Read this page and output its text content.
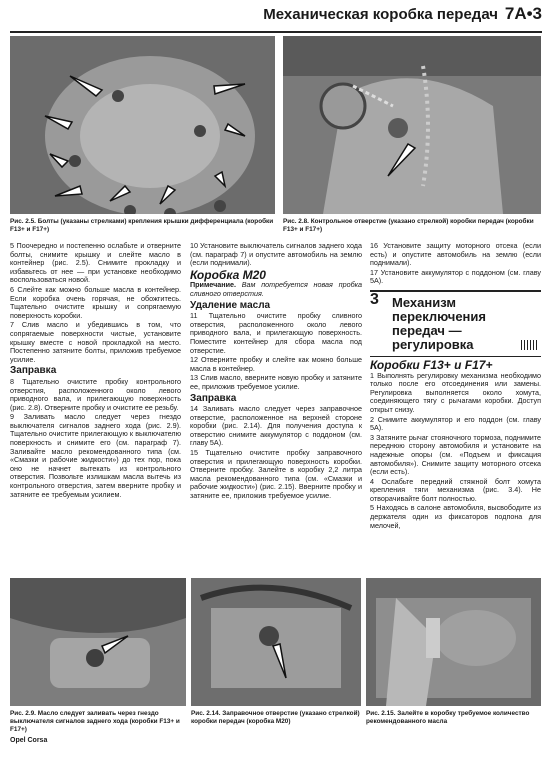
Механическая коробка передач 7A•3
Рис. 2.5. Болты (указаны стрелками) крепления крышки дифференциала (коробки F13+ и F17+)
Рис. 2.8. Контрольное отверстие (указано стрелкой) коробки передач (коробки F13+ и F17+)

5 Поочередно и постепенно ослабьте и отверните болты, снимите крышку и слейте масло в контейнер (рис. 2.5). Снимите прокладку и избавьтесь от нее — при установке необходимо воспользоваться новой.

6 Слейте как можно больше масла в контейнер. Если коробка очень горячая, не обожгитесь. Тщательно очистите крышку и сопрягаемую поверхность коробки.

7 Слив масло и убедившись в том, что сопрягаемые поверхности чистые, установите крышку вместе с новой прокладкой на место. Постепенно затяните болты, приложив требуемое усилие.

Заправка

8 Тщательно очистите пробку контрольного отверстия, расположенного около левого приводного вала, и прилегающую поверхность (рис. 2.8). Отверните пробку и очистите ее резьбу.

9 Заливать масло следует через гнездо выключателя сигналов заднего хода (рис. 2.9). Тщательно очистите прилегающую к выключателю поверхность и снимите его (см. параграф 7). Заливайте масло рекомендованного типа (см. «Смазки и рабочие жидкости») до тех пор, пока оно не начнет вытекать из контрольного отверстия. Позвольте излишкам масла вытечь из контрольного отверстия, затем вверните пробку и затяните ее требуемым усилием.

10 Установите выключатель сигналов заднего хода (см. параграф 7) и опустите автомобиль на землю (если поднимали).

Коробка M20

Примечание. Вам потребуется новая пробка сливного отверстия.

Удаление масла

11 Тщательно очистите пробку сливного отверстия, расположенного около левого приводного вала, и прилегающую поверхность. Поместите контейнер для сбора масла под отверстие.

12 Отверните пробку и слейте как можно больше масла в контейнер.

13 Слив масло, вверните новую пробку и затяните ее, приложив требуемое усилие.

Заправка

14 Заливать масло следует через заправочное отверстие, расположенное на верхней стороне коробки (рис. 2.14). Для получения доступа к отверстию снимите аккумулятор с поддоном (см. главу 5А).

15 Тщательно очистите пробку заправочного отверстия и прилегающую поверхность коробки. Отверните пробку. Залейте в коробку 2,2 литра масла рекомендованного типа (см. «Смазки и рабочие жидкости») (рис. 2.15). Вверните пробку и затяните ее, приложив требуемое усилие.

16 Установите защиту моторного отсека (если есть) и опустите автомобиль на землю (если поднимали).

17 Установите аккумулятор с поддоном (см. главу 5А).

3 Механизм переключения передач — регулировка
Коробки F13+ и F17+

1 Выполнять регулировку механизма необходимо только после его отсоединения или замены. Регулировка выполняется около хомута, соединяющего тягу с рычагами коробки. Доступ открыт снизу.

2 Снимите аккумулятор и его поддон (см. главу 5А).

3 Затяните рычаг стояночного тормоза, поднимите переднюю сторону автомобиля и установите на надежные опоры (см. «Подъем и фиксация автомобиля»). Снимите защиту моторного отсека (если есть).

4 Ослабьте передний стяжной болт хомута крепления тяги механизма (рис. 3.4). Не отворачивайте болт полностью.

5 Находясь в салоне автомобиля, высвободите из держателя один из фиксаторов подпона для мелочей,

Рис. 2.9. Масло следует заливать через гнездо выключателя сигналов заднего хода (коробки F13+ и F17+)
Рис. 2.14. Заправочное отверстие (указано стрелкой) коробки передач (коробка M20)
Рис. 2.15. Залейте в коробку требуемое количество рекомендованного масла
Opel Corsa
